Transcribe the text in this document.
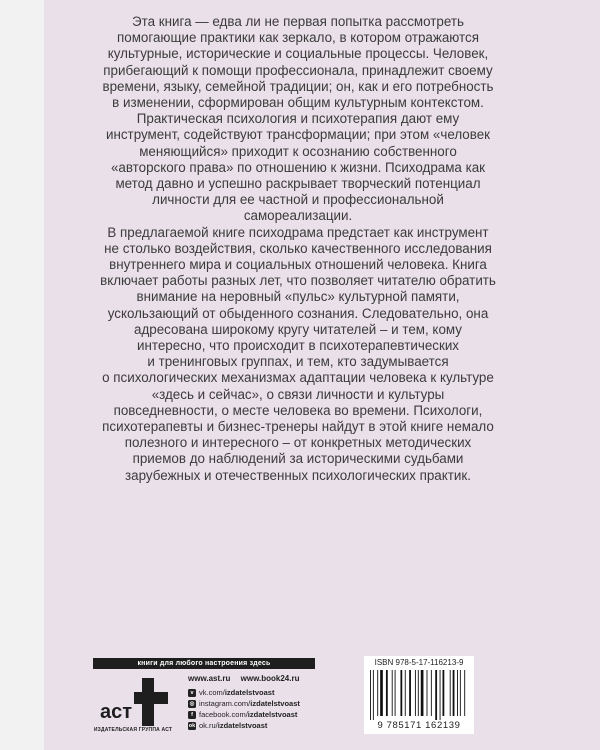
Эта книга — едва ли не первая попытка рассмотреть
помогающие практики как зеркало, в котором отражаются
культурные, исторические и социальные процессы. Человек,
прибегающий к помощи профессионала, принадлежит своему
времени, языку, семейной традиции; он, как и его потребность
в изменении, сформирован общим культурным контекстом.

Практическая психология и психотерапия дают ему
инструмент, содействуют трансформации; при этом «человек
меняющийся» приходит к осознанию собственного
«авторского права» по отношению к жизни. Психодрама как
метод давно и успешно раскрывает творческий потенциал
личности для ее частной и профессиональной
самореализации.

В предлагаемой книге психодрама предстает как инструмент
не столько воздействия, сколько качественного исследования
внутреннего мира и социальных отношений человека. Книга
включает работы разных лет, что позволяет читателю обратить
внимание на неровный «пульс» культурной памяти,
ускользающий от обыденного сознания. Следовательно, она
адресована широкому кругу читателей – и тем, кому
интересно, что происходит в психотерапевтических
и тренинговых группах, и тем, кто задумывается
о психологических механизмах адаптации человека к культуре
«здесь и сейчас», о связи личности и культуры
повседневности, о месте человека во времени. Психологи,
психотерапевты и бизнес-тренеры найдут в этой книге немало
полезного и интересного – от конкретных методических
приемов до наблюдений за историческими судьбами
зарубежных и отечественных психологических практик.

книги для любого настроения здесь
аст
ИЗДАТЕЛЬСКАЯ ГРУППА АСТ
www.ast.ru www.book24.ru
v vk.com/izdatelstvoast
◎ instagram.com/izdatelstvoast
f facebook.com/izdatelstvoast
ok ok.ru/izdatelstvoast
ISBN 978-5-17-116213-9
9 785171 162139
